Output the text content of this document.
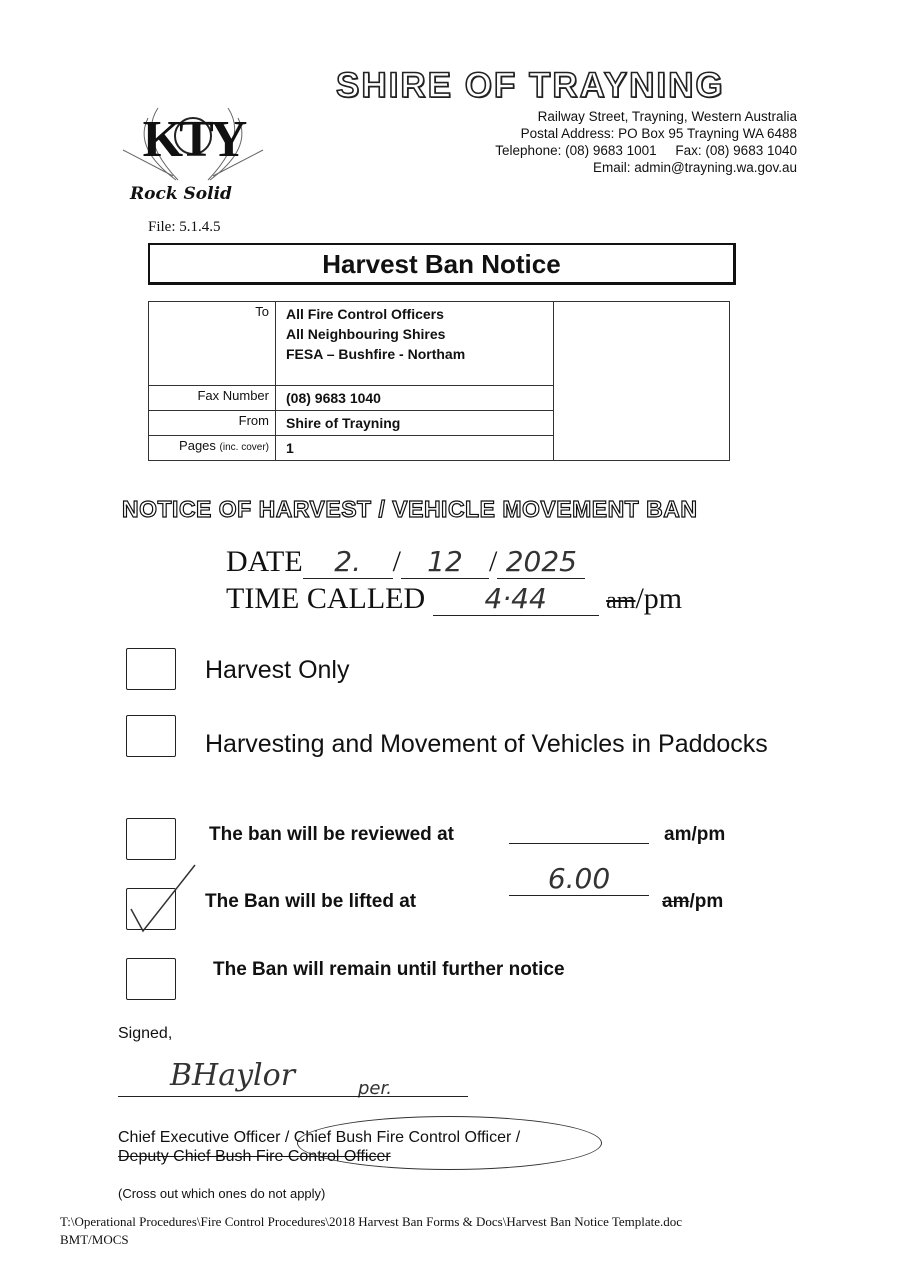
KTY
Rock Solid
File: 5.1.4.5
SHIRE OF TRAYNING
Railway Street, Trayning, Western Australia
Postal Address: PO Box 95 Trayning WA 6488
Telephone: (08) 9683 1001     Fax: (08) 9683 1040
Email: admin@trayning.wa.gov.au
Harvest Ban Notice
To	All Fire Control Officers
All Neighbouring Shires
FESA – Bushfire - Northam	

Fax Number	(08) 9683 1040	
From	Shire of Trayning	
Pages (inc. cover)	1	
NOTICE OF HARVEST / VEHICLE MOVEMENT BAN
DATE 2. / 12 / 2025
TIME CALLED 4·44 am/pm
Harvest Only
Harvesting and Movement of Vehicles in Paddocks
The ban will be reviewed at	am/pm
The Ban will be lifted at
6.00
am/pm
The Ban will remain until further notice
Signed,
BHaylor	per.
Chief Executive Officer / Chief Bush Fire Control Officer /
Deputy Chief Bush Fire Control Officer
(Cross out which ones do not apply)
T:\Operational Procedures\Fire Control Procedures\2018 Harvest Ban Forms & Docs\Harvest Ban Notice Template.doc
BMT/MOCS
